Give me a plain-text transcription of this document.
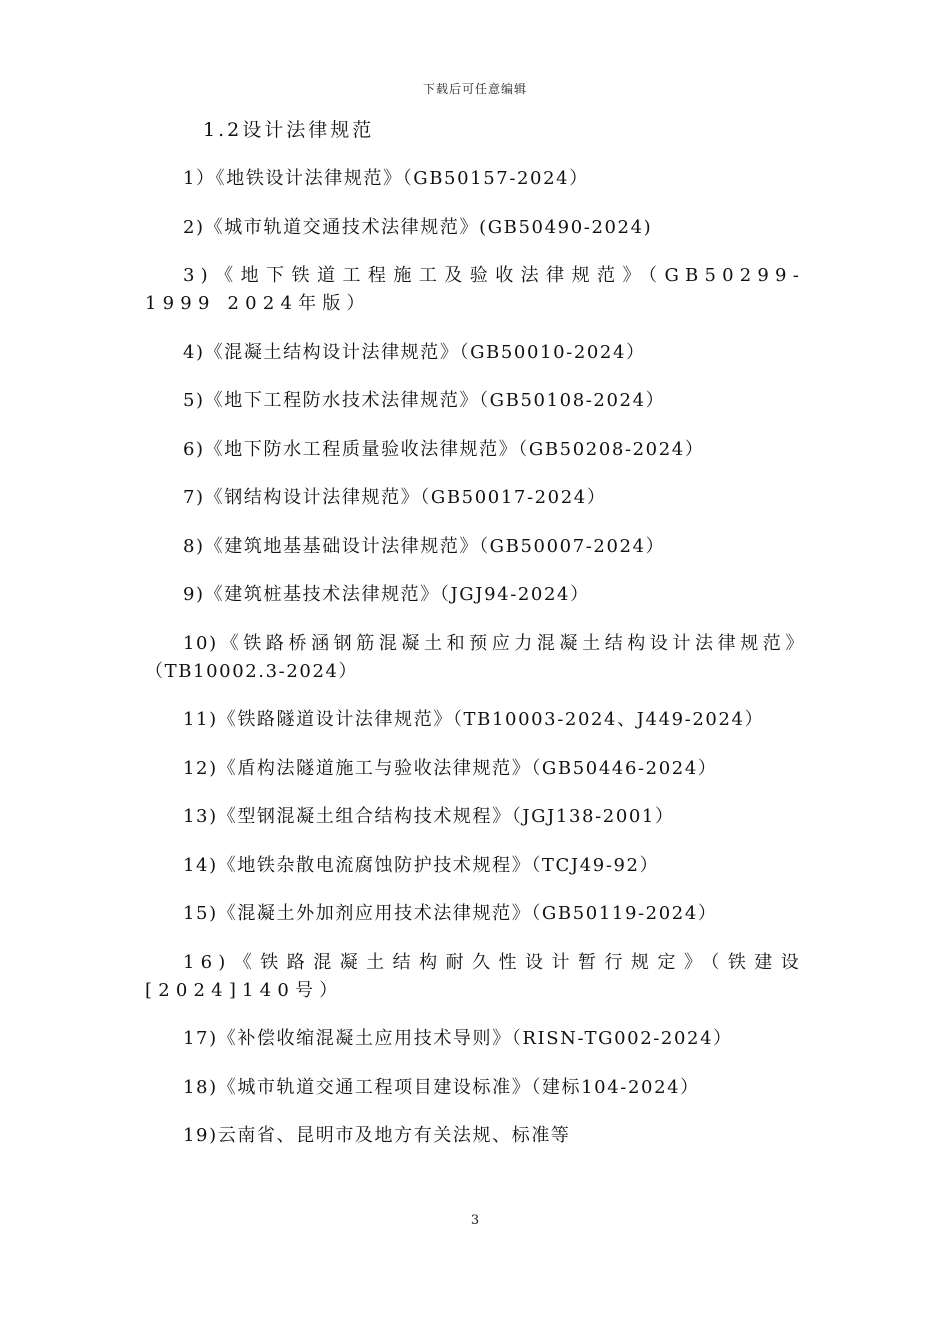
下载后可任意编辑
1.2设计法律规范
1）《地铁设计法律规范》（GB50157-2024）
2)《城市轨道交通技术法律规范》(GB50490-2024)
3)《地下铁道工程施工及验收法律规范》（GB50299-1999 2024年版）
4)《混凝土结构设计法律规范》（GB50010-2024）
5)《地下工程防水技术法律规范》（GB50108-2024）
6)《地下防水工程质量验收法律规范》（GB50208-2024）
7)《钢结构设计法律规范》（GB50017-2024）
8)《建筑地基基础设计法律规范》（GB50007-2024）
9)《建筑桩基技术法律规范》（JGJ94-2024）
10)《铁路桥涵钢筋混凝土和预应力混凝土结构设计法律规范》（TB10002.3-2024）
11)《铁路隧道设计法律规范》（TB10003-2024、J449-2024）
12)《盾构法隧道施工与验收法律规范》（GB50446-2024）
13)《型钢混凝土组合结构技术规程》（JGJ138-2001）
14)《地铁杂散电流腐蚀防护技术规程》（TCJ49-92）
15)《混凝土外加剂应用技术法律规范》（GB50119-2024）
16)《铁路混凝土结构耐久性设计暂行规定》（铁建设[2024]140号）
17)《补偿收缩混凝土应用技术导则》（RISN-TG002-2024）
18)《城市轨道交通工程项目建设标准》（建标104-2024）
19)云南省、昆明市及地方有关法规、标准等
3
